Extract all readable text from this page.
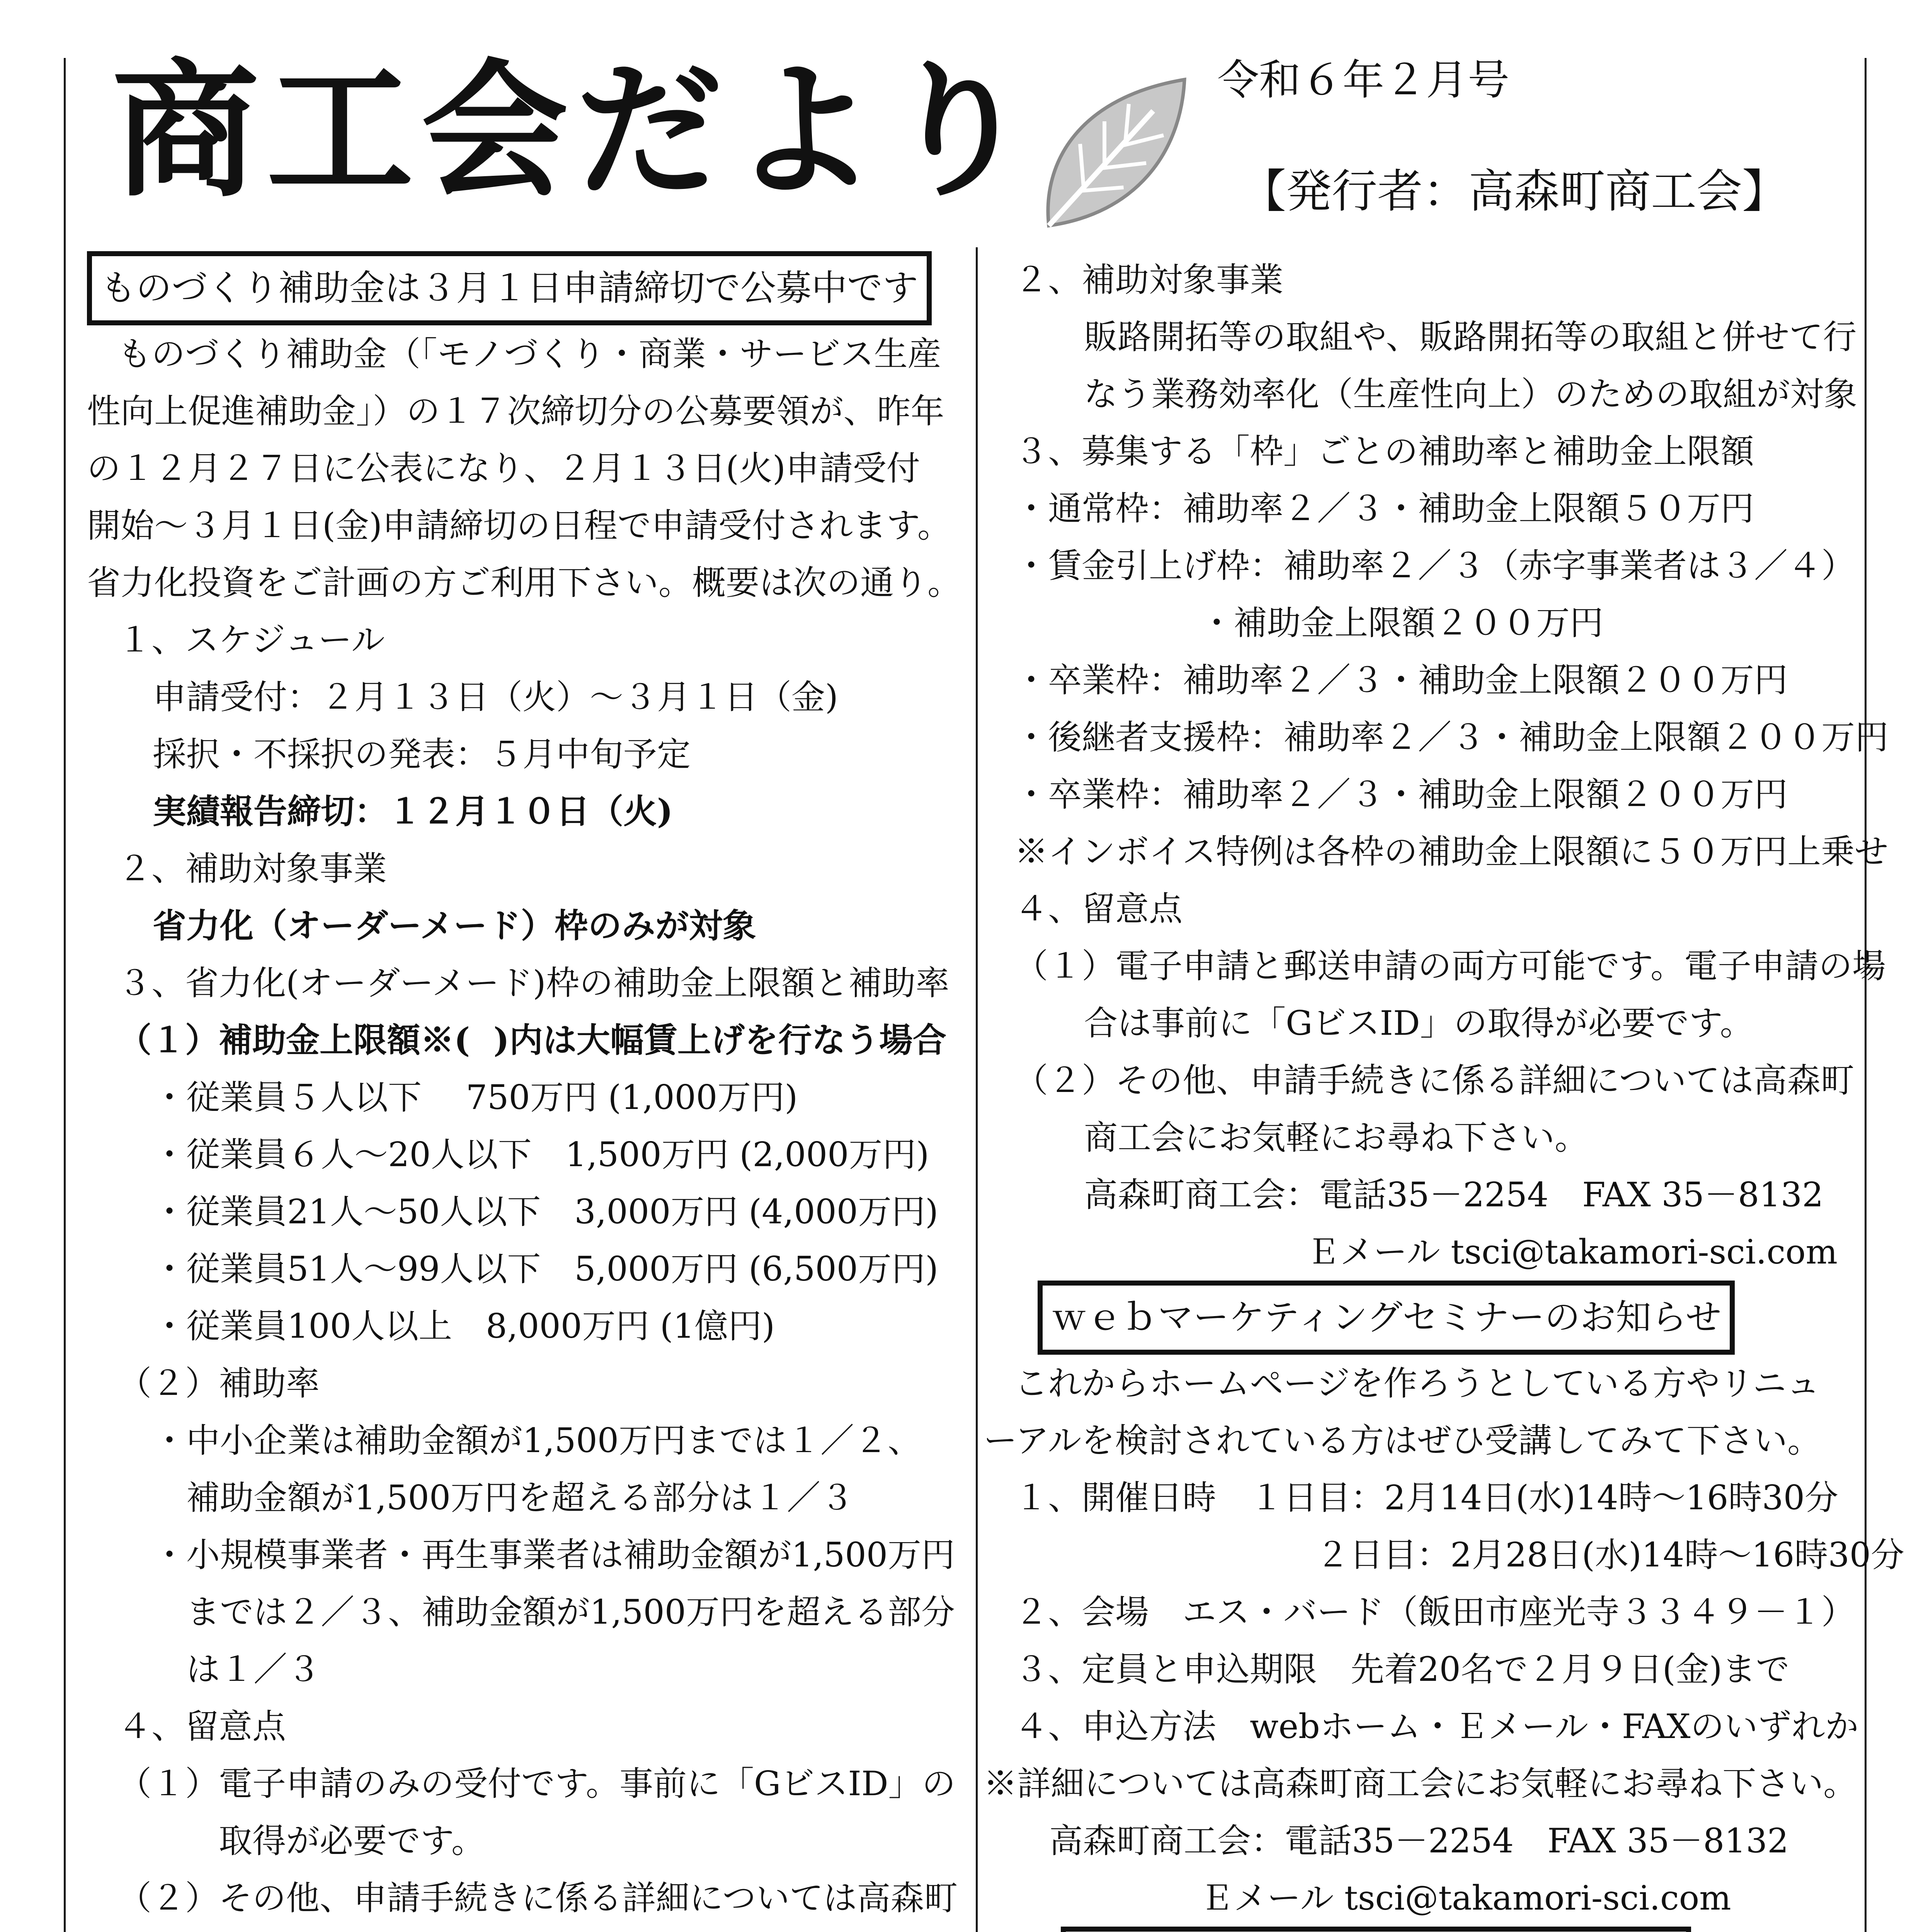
商工会だより	令和６年２月号
【発行者：高森町商工会】
ものづくり補助金は３月１日申請締切で公募中です

ものづくり補助金（「モノづくり・商業・サービス生産

性向上促進補助金」）の１７次締切分の公募要領が、昨年

の１２月２７日に公表になり、２月１３日(火)申請受付

開始～３月１日(金)申請締切の日程で申請受付されます。

省力化投資をご計画の方ご利用下さい。概要は次の通り。

１、スケジュール

申請受付：２月１３日（火）～３月１日（金)

採択・不採択の発表：５月中旬予定

実績報告締切：１２月１０日（火)

２、補助対象事業

省力化（オーダーメード）枠のみが対象

３、省力化(オーダーメード)枠の補助金上限額と補助率

（１）補助金上限額※(  )内は大幅賃上げを行なう場合

・従業員５人以下　 750万円 (1,000万円)

・従業員６人～20人以下　1,500万円 (2,000万円)

・従業員21人～50人以下　3,000万円 (4,000万円)

・従業員51人～99人以下　5,000万円 (6,500万円)

・従業員100人以上　8,000万円 (1億円)

（２）補助率

・中小企業は補助金額が1,500万円までは１／２、

　補助金額が1,500万円を超える部分は１／３

・小規模事業者・再生事業者は補助金額が1,500万円

　までは２／３、補助金額が1,500万円を超える部分

　は１／３

４、留意点

（１）電子申請のみの受付です。事前に「GビスID」の

　　　取得が必要です。

（２）その他、申請手続きに係る詳細については高森町

２、補助対象事業

販路開拓等の取組や、販路開拓等の取組と併せて行

なう業務効率化（生産性向上）のための取組が対象

３、募集する「枠」ごとの補助率と補助金上限額

・通常枠：補助率２／３・補助金上限額５０万円

・賃金引上げ枠：補助率２／３（赤字事業者は３／４）

・補助金上限額２００万円

・卒業枠：補助率２／３・補助金上限額２００万円

・後継者支援枠：補助率２／３・補助金上限額２００万円

・卒業枠：補助率２／３・補助金上限額２００万円

※インボイス特例は各枠の補助金上限額に５０万円上乗せ

４、留意点

（１）電子申請と郵送申請の両方可能です。電子申請の場

合は事前に「GビスID」の取得が必要です。

（２）その他、申請手続きに係る詳細については高森町

商工会にお気軽にお尋ね下さい。

高森町商工会：電話35－2254　FAX 35－8132

Ｅメール tsci@takamori-sci.com

ｗｅｂマーケティングセミナーのお知らせ

これからホームページを作ろうとしている方やリニュ

ーアルを検討されている方はぜひ受講してみて下さい。

１、開催日時　１日目：2月14日(水)14時～16時30分

２日目：2月28日(水)14時～16時30分

２、会場　エス・バード（飯田市座光寺３３４９－１）

３、定員と申込期限　先着20名で２月９日(金)まで

４、申込方法　webホーム・Ｅメール・FAXのいずれか

※詳細については高森町商工会にお気軽にお尋ね下さい。

高森町商工会：電話35－2254　FAX 35－8132

Ｅメール tsci@takamori-sci.com
